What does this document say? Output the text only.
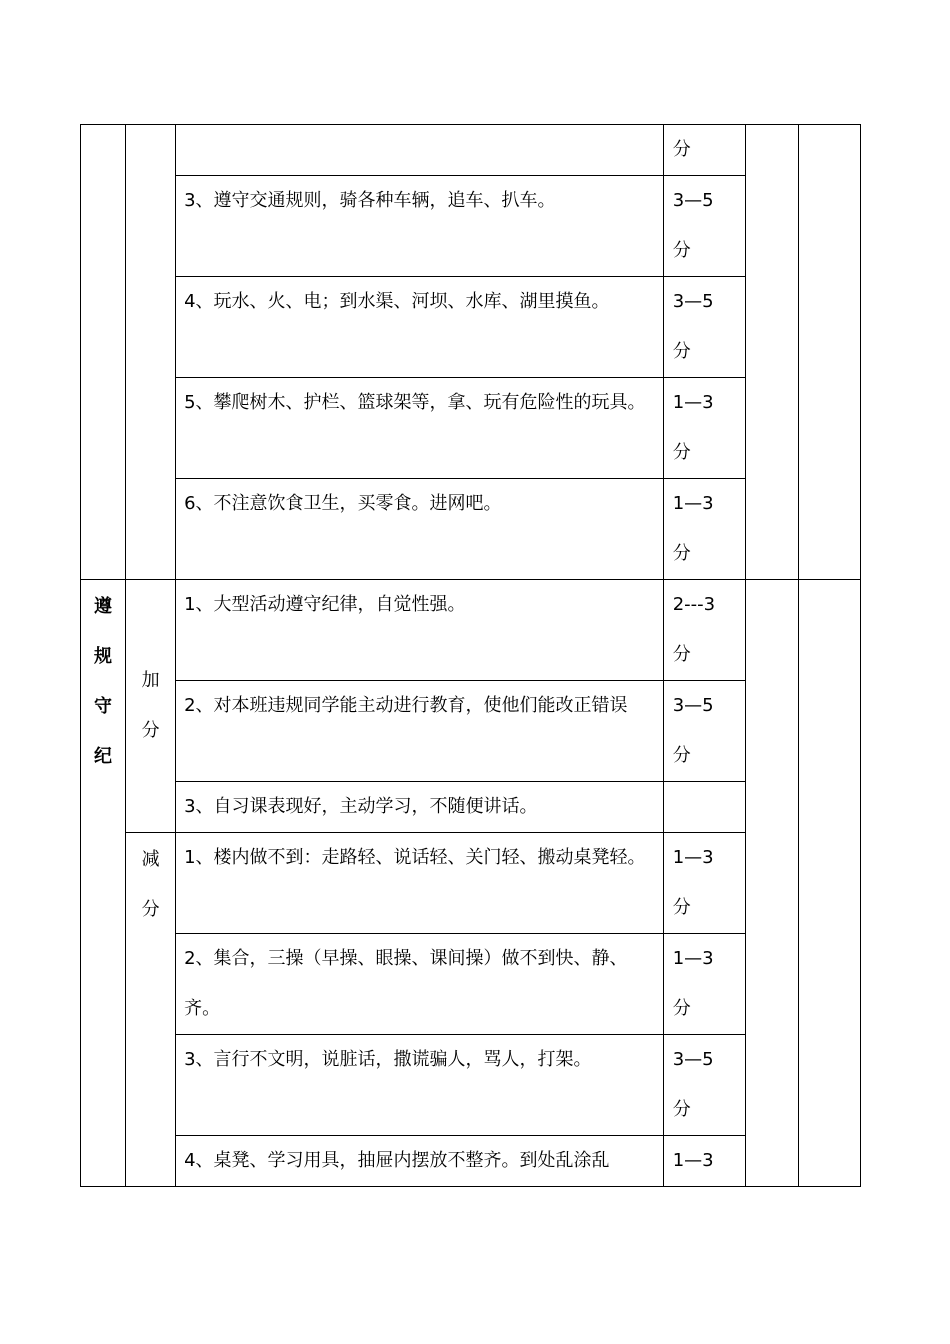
			分		

		3、遵守交通规则，骑各种车辆，追车、扒车。	3—5分		

		4、玩水、火、电；到水渠、河坝、水库、湖里摸鱼。	3—5分		

		5、攀爬树木、护栏、篮球架等，拿、玩有危险性的玩具。	1—3分		

		6、不注意饮食卫生，买零食。进网吧。	1—3分		

遵规守纪	加分	1、大型活动遵守纪律，自觉性强。	2---3分		

		2、对本班违规同学能主动进行教育，使他们能改正错误	3—5分		

		3、自习课表现好，主动学习，不随便讲话。			

	减分	1、楼内做不到：走路轻、说话轻、关门轻、搬动桌凳轻。	1—3分		

		2、集合，三操（早操、眼操、课间操）做不到快、静、齐。	1—3分		

		3、言行不文明，说脏话，撒谎骗人，骂人，打架。	3—5分		

		4、桌凳、学习用具，抽屉内摆放不整齐。到处乱涂乱	1—3		
